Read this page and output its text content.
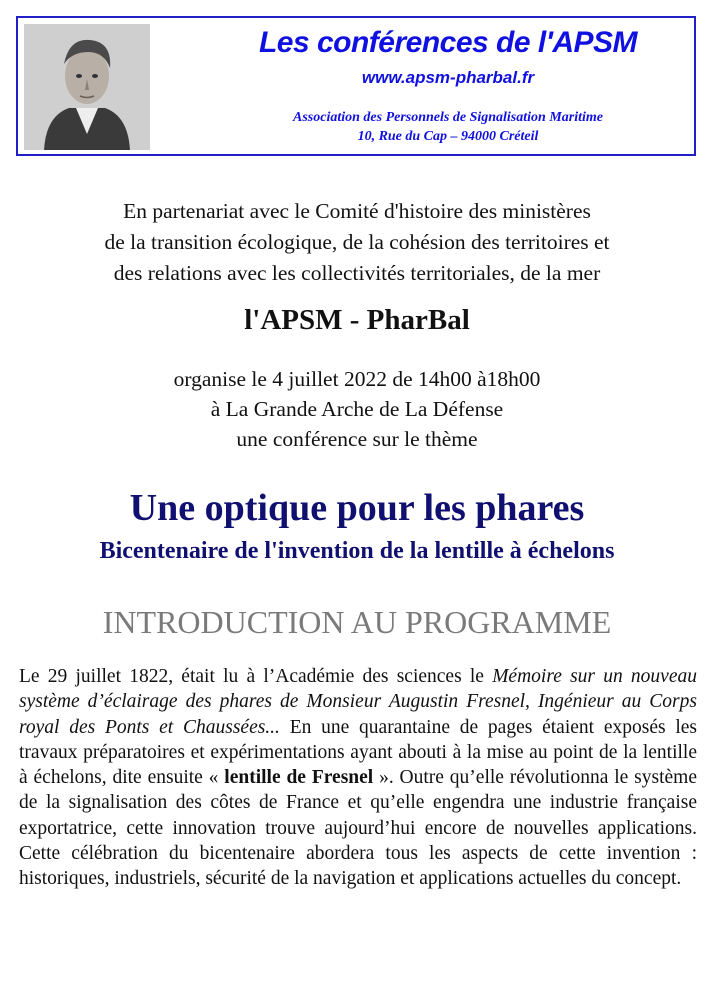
Les conférences de l'APSM
www.apsm-pharbal.fr
Association des Personnels de Signalisation Maritime
10, Rue du Cap – 94000 Créteil
En partenariat avec le Comité d'histoire des ministères
de la transition écologique, de la cohésion des territoires et
des relations avec les collectivités territoriales, de la mer
l'APSM - PharBal
organise le 4 juillet 2022 de 14h00 à18h00
à La Grande Arche de La Défense
une conférence sur le thème
Une optique pour les phares
Bicentenaire de l'invention de la lentille à échelons
INTRODUCTION AU PROGRAMME
Le 29 juillet 1822, était lu à l’Académie des sciences le Mémoire sur un nouveau système d’éclairage des phares de Monsieur Augustin Fresnel, Ingénieur au Corps royal des Ponts et Chaussées... En une quarantaine de pages étaient exposés les travaux préparatoires et expérimentations ayant abouti à la mise au point de la lentille à échelons, dite ensuite « lentille de Fresnel ». Outre qu’elle révolutionna le système de la signalisation des côtes de France et qu’elle engendra une industrie française exportatrice, cette innovation trouve aujourd’hui encore de nouvelles applications. Cette célébration du bicentenaire abordera tous les aspects de cette invention : historiques, industriels, sécurité de la navigation et applications actuelles du concept.
